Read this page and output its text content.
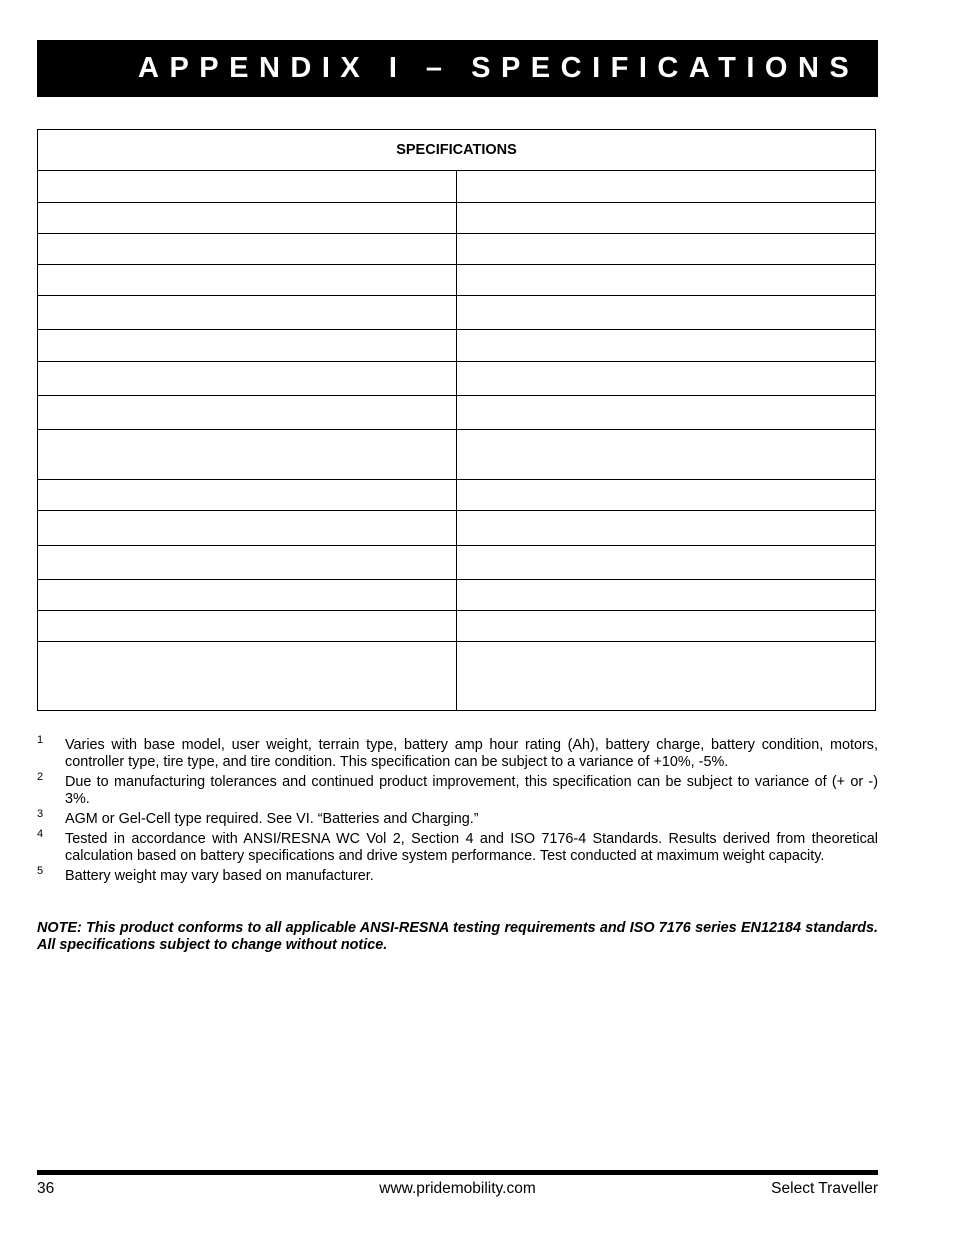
APPENDIX I – SPECIFICATIONS
SPECIFICATIONS	

1 Varies with base model, user weight, terrain type, battery amp hour rating (Ah), battery charge, battery condition, motors, controller type, tire type, and tire condition. This specification can be subject to a variance of +10%, -5%.
2 Due to manufacturing tolerances and continued product improvement, this specification can be subject to variance of (+ or -) 3%.
3 AGM or Gel-Cell type required. See VI. “Batteries and Charging.”
4 Tested in accordance with ANSI/RESNA WC Vol 2, Section 4 and ISO 7176-4 Standards. Results derived from theoretical calculation based on battery specifications and drive system performance. Test conducted at maximum weight capacity.
5 Battery weight may vary based on manufacturer.
NOTE: This product conforms to all applicable ANSI-RESNA testing requirements and ISO 7176 series EN12184 standards. All specifications subject to change without notice.
36	www.pridemobility.com	Select Traveller
